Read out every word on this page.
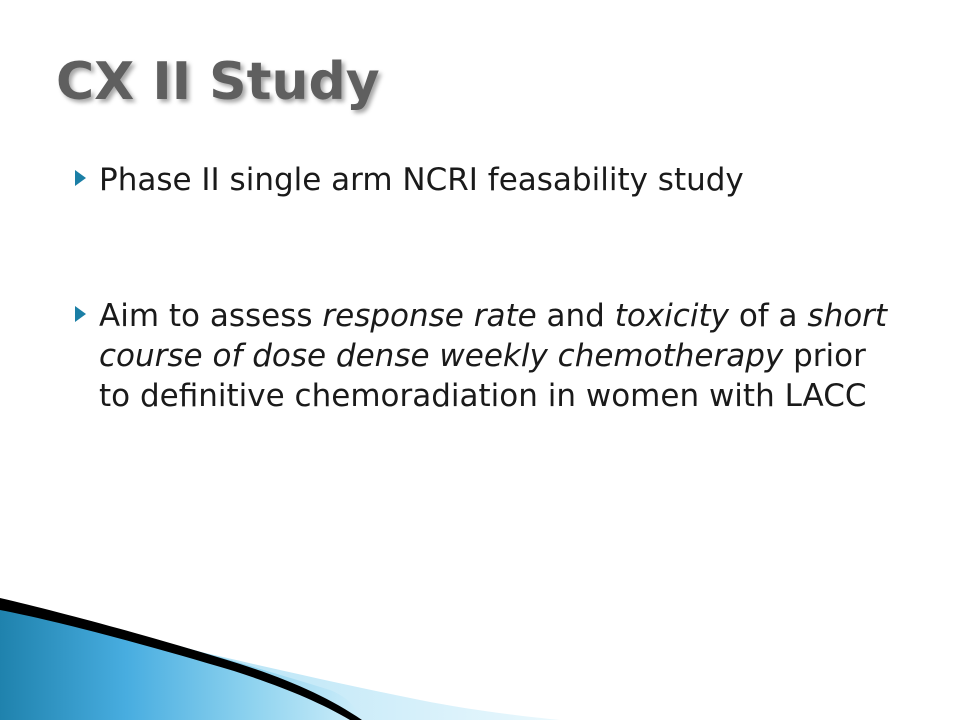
CX II Study
Phase II single arm NCRI feasability study
Aim to assess response rate and toxicity of a short course of dose dense weekly chemotherapy prior to definitive chemoradiation in women with LACC
